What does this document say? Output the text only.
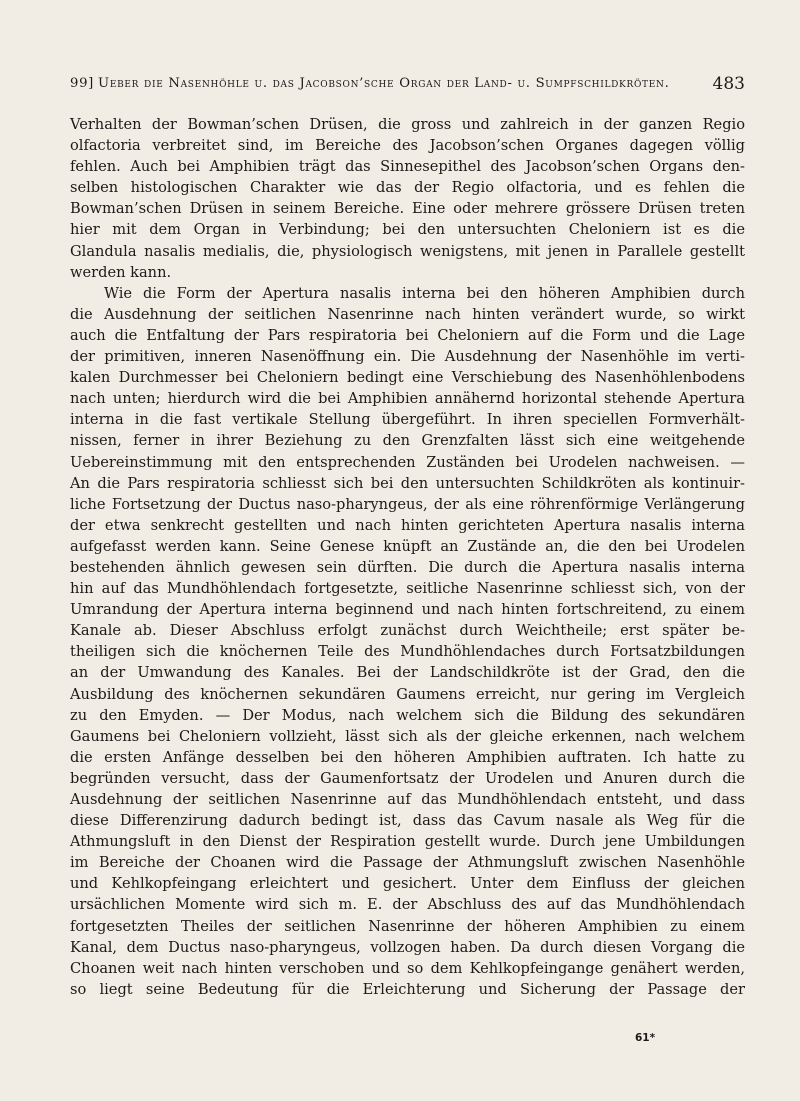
99] Ueber die Nasenhöhle u. das Jacobson’sche Organ der Land- u. Sumpfschildkröten.	483

Verhalten der Bowman’schen Drüsen, die gross und zahlreich in der ganzen Regio

olfactoria verbreitet sind, im Bereiche des Jacobson’schen Organes dagegen völlig

fehlen. Auch bei Amphibien trägt das Sinnesepithel des Jacobson’schen Organs den-

selben histologischen Charakter wie das der Regio olfactoria, und es fehlen die

Bowman’schen Drüsen in seinem Bereiche. Eine oder mehrere grössere Drüsen treten

hier mit dem Organ in Verbindung; bei den untersuchten Cheloniern ist es die

Glandula nasalis medialis, die, physiologisch wenigstens, mit jenen in Parallele gestellt

werden kann.

Wie die Form der Apertura nasalis interna bei den höheren Amphibien durch

die Ausdehnung der seitlichen Nasenrinne nach hinten verändert wurde, so wirkt

auch die Entfaltung der Pars respiratoria bei Cheloniern auf die Form und die Lage

der primitiven, inneren Nasenöffnung ein. Die Ausdehnung der Nasenhöhle im verti-

kalen Durchmesser bei Cheloniern bedingt eine Verschiebung des Nasenhöhlenbodens

nach unten; hierdurch wird die bei Amphibien annähernd horizontal stehende Apertura

interna in die fast vertikale Stellung übergeführt. In ihren speciellen Formverhält-

nissen, ferner in ihrer Beziehung zu den Grenzfalten lässt sich eine weitgehende

Uebereinstimmung mit den entsprechenden Zuständen bei Urodelen nachweisen. —

An die Pars respiratoria schliesst sich bei den untersuchten Schildkröten als kontinuir-

liche Fortsetzung der Ductus naso-pharyngeus, der als eine röhrenförmige Verlängerung

der etwa senkrecht gestellten und nach hinten gerichteten Apertura nasalis interna

aufgefasst werden kann. Seine Genese knüpft an Zustände an, die den bei Urodelen

bestehenden ähnlich gewesen sein dürften. Die durch die Apertura nasalis interna

hin auf das Mundhöhlendach fortgesetzte, seitliche Nasenrinne schliesst sich, von der

Umrandung der Apertura interna beginnend und nach hinten fortschreitend, zu einem

Kanale ab. Dieser Abschluss erfolgt zunächst durch Weichtheile; erst später be-

theiligen sich die knöchernen Teile des Mundhöhlendaches durch Fortsatzbildungen

an der Umwandung des Kanales. Bei der Landschildkröte ist der Grad, den die

Ausbildung des knöchernen sekundären Gaumens erreicht, nur gering im Vergleich

zu den Emyden. — Der Modus, nach welchem sich die Bildung des sekundären

Gaumens bei Cheloniern vollzieht, lässt sich als der gleiche erkennen, nach welchem

die ersten Anfänge desselben bei den höheren Amphibien auftraten. Ich hatte zu

begründen versucht, dass der Gaumenfortsatz der Urodelen und Anuren durch die

Ausdehnung der seitlichen Nasenrinne auf das Mundhöhlendach entsteht, und dass

diese Differenzirung dadurch bedingt ist, dass das Cavum nasale als Weg für die

Athmungsluft in den Dienst der Respiration gestellt wurde. Durch jene Umbildungen

im Bereiche der Choanen wird die Passage der Athmungsluft zwischen Nasenhöhle

und Kehlkopfeingang erleichtert und gesichert. Unter dem Einfluss der gleichen

ursächlichen Momente wird sich m. E. der Abschluss des auf das Mundhöhlendach

fortgesetzten Theiles der seitlichen Nasenrinne der höheren Amphibien zu einem

Kanal, dem Ductus naso-pharyngeus, vollzogen haben. Da durch diesen Vorgang die

Choanen weit nach hinten verschoben und so dem Kehlkopfeingange genähert werden,

so liegt seine Bedeutung für die Erleichterung und Sicherung der Passage der

61*
